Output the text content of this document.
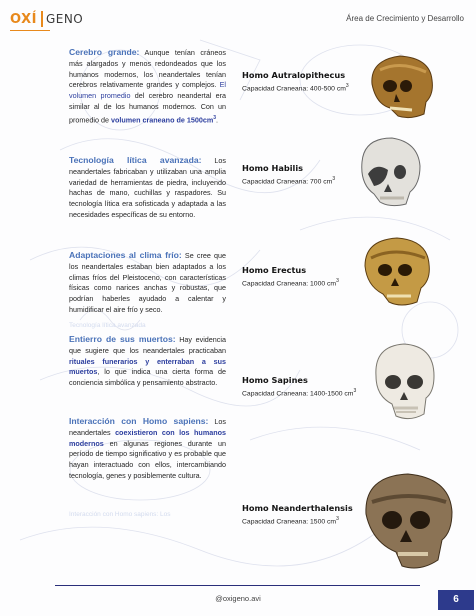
OXÍ GENO	Área de Crecimiento y Desarrollo
Cerebro grande: Aunque tenían cráneos más alargados y menos redondeados que los humanos modernos, los neandertales tenían cerebros relativamente grandes y complejos. El volumen promedio del cerebro neandertal era similar al de los humanos modernos. Con un promedio de volumen craneano de $1500cm^3$.
Tecnología lítica avanzada: Los neandertales fabricaban y utilizaban una amplia variedad de herramientas de piedra, incluyendo hachas de mano, cuchillas y raspadores. Su tecnología lítica era sofisticada y adaptada a las necesidades específicas de su entorno.
Adaptaciones al clima frío: Se cree que los neandertales estaban bien adaptados a los climas fríos del Pleistoceno, con características físicas como narices anchas y robustas, que podrían haberles ayudado a calentar y humidificar el aire frío y seco.
Tecnología lítica avanzada
Entierro de sus muertos: Hay evidencia que sugiere que los neandertales practicaban rituales funerarios y enterraban a sus muertos, lo que indica una cierta forma de conciencia simbólica y pensamiento abstracto.
Interacción con Homo sapiens: Los neandertales coexistieron con los humanos modernos en algunas regiones durante un período de tiempo significativo y es probable que hayan interactuado con ellos, intercambiando tecnología, genes y posiblemente cultura.
Interacción con Homo sapiens: Los
Homo Autralopithecus
Capacidad Craneana: 400-500 $cm^3$
Homo Habilis
Capacidad Craneana: 700 $cm^3$
Homo Erectus
Capacidad Craneana: 1000 $cm^3$
Homo Sapines
Capacidad Craneana: 1400-1500 $cm^3$
Homo Neanderthalensis
Capacidad Craneana: 1500 $cm^3$
@oxigeno.avi	6
